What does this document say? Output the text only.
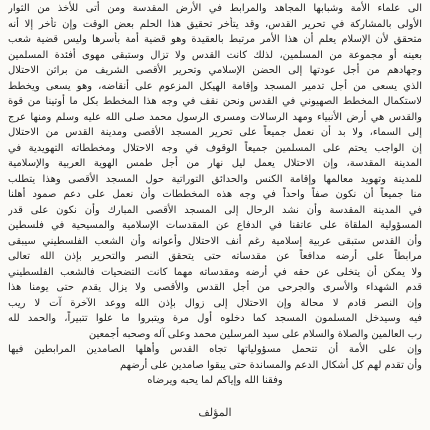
الى علماء الأمة وشبابها المجاهد والمرابط في الأرض المقدسة ومن أتى للأخذ من الثوار
الأولى بالمشاركة في تحرير القدس، وقد يتأخر تحقيق هذا الحلم بعض الوقت وإن تأخر إلا أنه
متحقق لأن الإسلام يعلم أن هذا الأمر مرتبط بالعقيدة وهو قضية أمة بأسرها وليس قضية شعب
بعينه أو مجموعة من المسلمين، لذلك كانت القدس ولا تزال وستبقى مهوى أفئدة المسلمين
وجهادهم من أجل عودتها إلى الحضن الإسلامي وتحرير الأقصى الشريف من براثن الاحتلال
الذي يسعى من أجل تدمير المسجد وإقامة الهيكل المزعوم على أنقاضه، وهو يسعى ويخطط
لاستكمال المخطط الصهيوني في القدس ونحن نقف في وجه هذا المخطط بكل ما أوتينا من قوة
والقدس هي أرض الأنبياء ومهد الرسالات ومسرى الرسول محمد صلى الله عليه وسلم ومنها عرج
إلى السماء، ولا بد أن نعمل جميعاً على تحرير المسجد الأقصى ومدينة القدس من الاحتلال
إن الواجب يحتم على المسلمين جميعاً الوقوف في وجه الاحتلال ومخططاته التهويدية في
المدينة المقدسة، وإن الاحتلال يعمل ليل نهار من أجل طمس الهوية العربية والإسلامية
للمدينة وتهويد معالمها وإقامة الكنس والحدائق التوراتية حول المسجد الأقصى وهذا يتطلب
منا جميعاً أن نكون صفاً واحداً في وجه هذه المخططات وأن نعمل على دعم صمود أهلنا
في المدينة المقدسة وأن نشد الرحال إلى المسجد الأقصى المبارك وأن نكون على قدر
المسؤولية الملقاة على عاتقنا في الدفاع عن المقدسات الإسلامية والمسيحية في فلسطين
وأن القدس ستبقى عربية إسلامية رغم أنف الاحتلال وأعوانه وأن الشعب الفلسطيني سيبقى
مرابطاً على أرضه مدافعاً عن مقدساته حتى يتحقق النصر والتحرير بإذن الله تعالى
ولا يمكن أن يتخلى عن حقه في أرضه ومقدساته مهما كانت التضحيات فالشعب الفلسطيني
قدم الشهداء والأسرى والجرحى من أجل القدس والأقصى ولا يزال يقدم حتى يومنا هذا
وإن النصر قادم لا محالة وإن الاحتلال إلى زوال بإذن الله ووعد الآخرة آت لا ريب
فيه وسيدخل المسلمون المسجد كما دخلوه أول مرة ويتبروا ما علوا تتبيراً، والحمد لله
رب العالمين والصلاة والسلام على سيد المرسلين محمد وعلى آله وصحبه أجمعين
وإن على الأمة أن تتحمل مسؤولياتها تجاه القدس وأهلها الصامدين المرابطين فيها
وأن تقدم لهم كل أشكال الدعم والمساندة حتى يبقوا صامدين على أرضهم
وفقنا الله وإياكم لما يحبه ويرضاه
المؤلف
